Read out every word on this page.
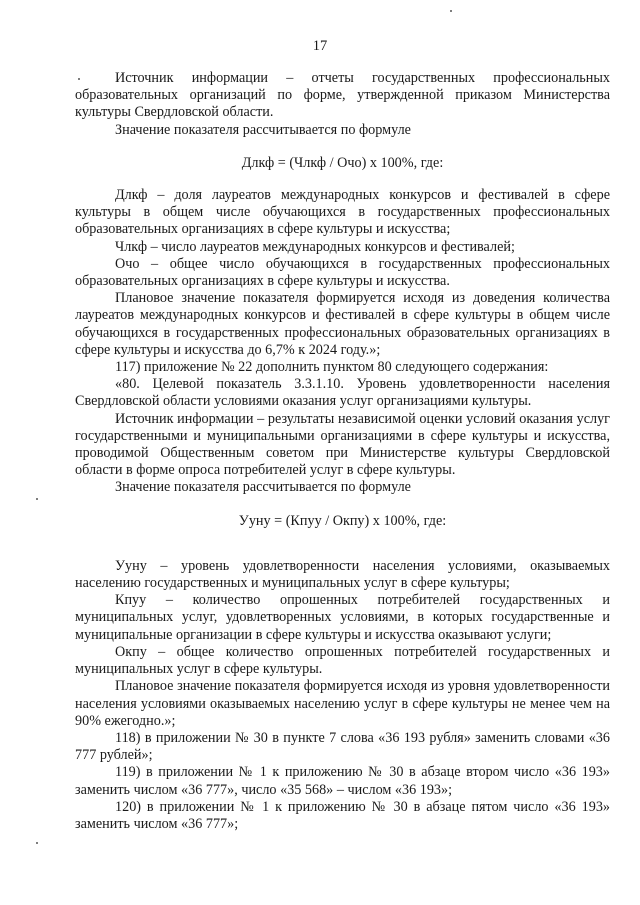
17

Источник информации – отчеты государственных профессиональных образовательных организаций по форме, утвержденной приказом Министерства культуры Свердловской области.

Значение показателя рассчитывается по формуле

Длкф = (Члкф / Очо) x 100%, где:

Длкф – доля лауреатов международных конкурсов и фестивалей в сфере культуры в общем числе обучающихся в государственных профессиональных образовательных организациях в сфере культуры и искусства;

Члкф – число лауреатов международных конкурсов и фестивалей;

Очо – общее число обучающихся в государственных профессиональных образовательных организациях в сфере культуры и искусства.

Плановое значение показателя формируется исходя из доведения количества лауреатов международных конкурсов и фестивалей в сфере культуры в общем числе обучающихся в государственных профессиональных образовательных организациях в сфере культуры и искусства до 6,7% к 2024 году.»;

117) приложение № 22 дополнить пунктом 80 следующего содержания:

«80. Целевой показатель 3.3.1.10. Уровень удовлетворенности населения Свердловской области условиями оказания услуг организациями культуры.

Источник информации – результаты независимой оценки условий оказания услуг государственными и муниципальными организациями в сфере культуры и искусства, проводимой Общественным советом при Министерстве культуры Свердловской области в форме опроса потребителей услуг в сфере культуры.

Значение показателя рассчитывается по формуле

Ууну = (Кпуу / Окпу) x 100%, где:

Ууну – уровень удовлетворенности населения условиями, оказываемых населению государственных и муниципальных услуг в сфере культуры;

Кпуу – количество опрошенных потребителей государственных и муниципальных услуг, удовлетворенных условиями, в которых государственные и муниципальные организации в сфере культуры и искусства оказывают услуги;

Окпу – общее количество опрошенных потребителей государственных и муниципальных услуг в сфере культуры.

Плановое значение показателя формируется исходя из уровня удовлетворенности населения условиями оказываемых населению услуг в сфере культуры не менее чем на 90% ежегодно.»;

118) в приложении № 30 в пункте 7 слова «36 193 рубля» заменить словами «36 777 рублей»;

119) в приложении № 1 к приложению № 30 в абзаце втором число «36 193» заменить числом «36 777», число «35 568» – числом «36 193»;

120) в приложении № 1 к приложению № 30 в абзаце пятом число «36 193» заменить числом «36 777»;
